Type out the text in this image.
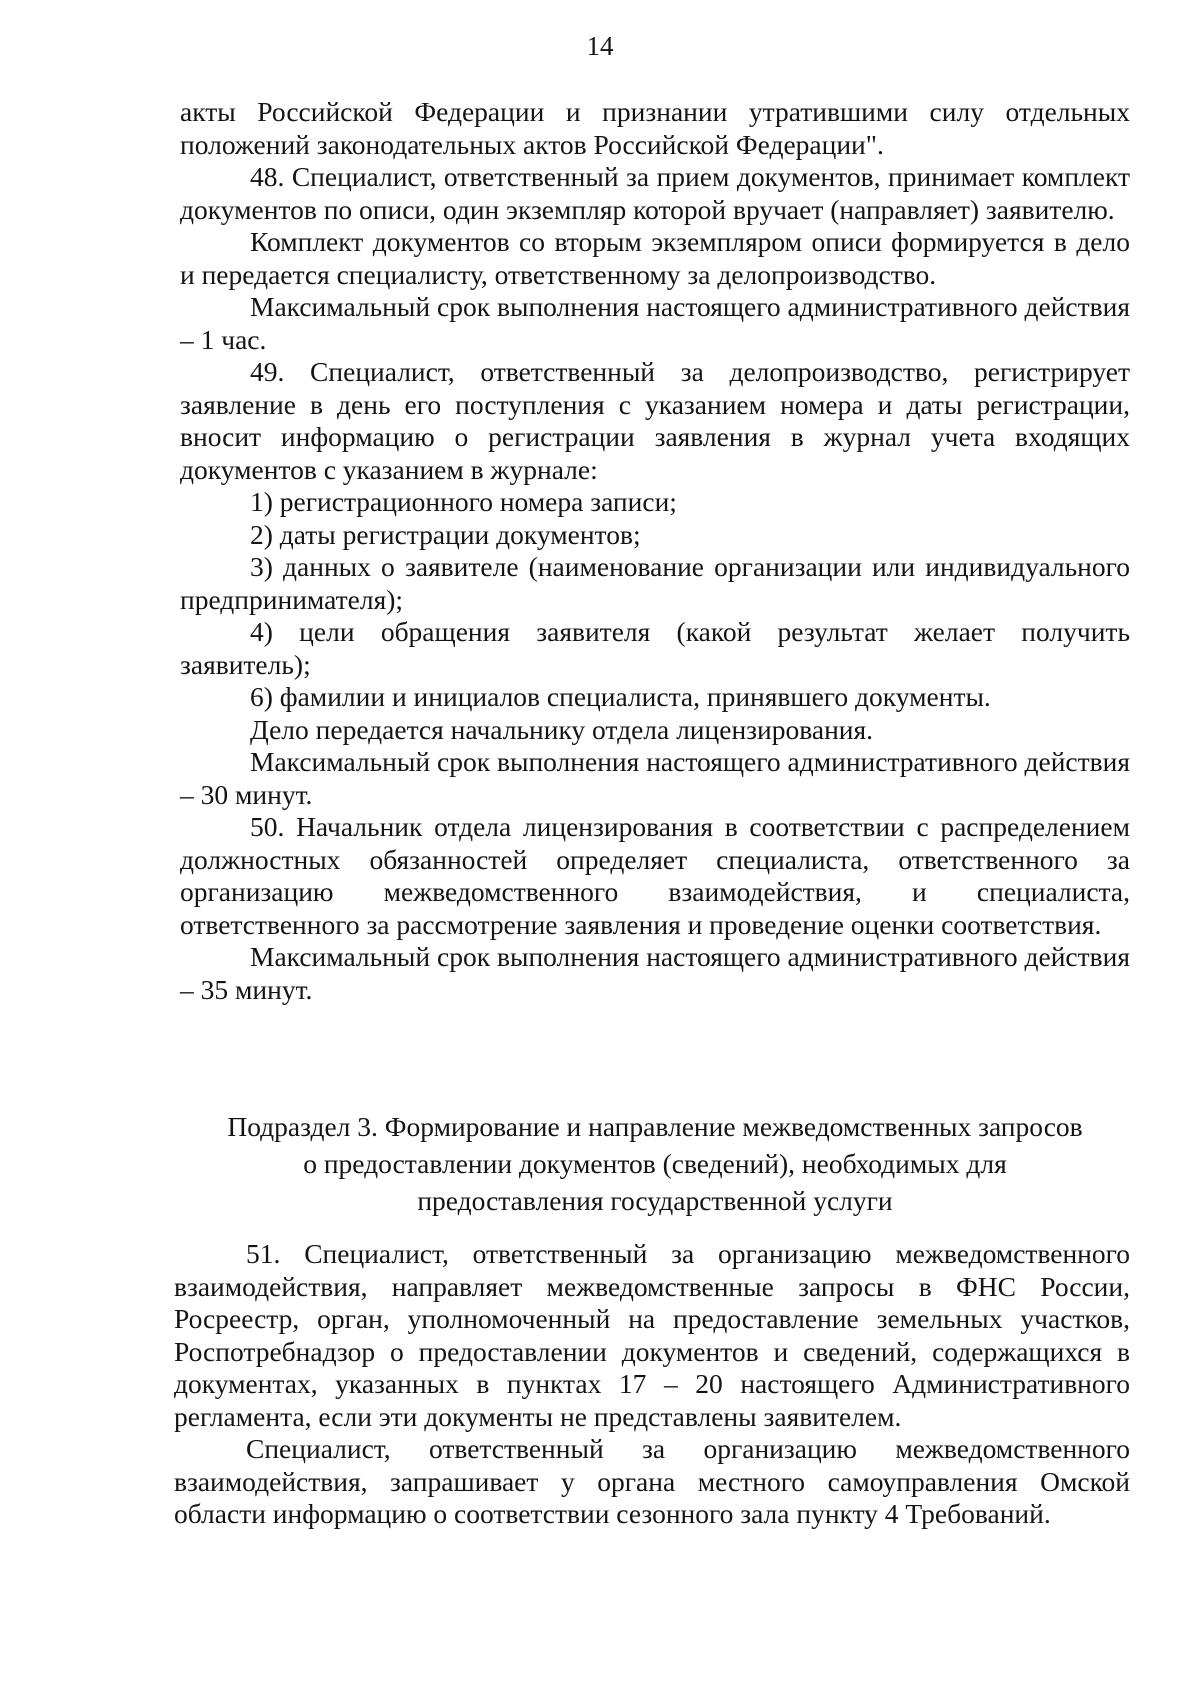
14

акты Российской Федерации и признании утратившими силу отдельных положений законодательных актов Российской Федерации".

48. Специалист, ответственный за прием документов, принимает комплект документов по описи, один экземпляр которой вручает (направляет) заявителю.

Комплект документов со вторым экземпляром описи формируется в дело и передается специалисту, ответственному за делопроизводство.

Максимальный срок выполнения настоящего административного действия – 1 час.

49. Специалист, ответственный за делопроизводство, регистрирует заявление в день его поступления с указанием номера и даты регистрации, вносит информацию о регистрации заявления в журнал учета входящих документов с указанием в журнале:

1) регистрационного номера записи;

2) даты регистрации документов;

3) данных о заявителе (наименование организации или индивидуального предпринимателя);

4) цели обращения заявителя (какой результат желает получить заявитель);

6) фамилии и инициалов специалиста, принявшего документы.

Дело передается начальнику отдела лицензирования.

Максимальный срок выполнения настоящего административного действия – 30 минут.

50. Начальник отдела лицензирования в соответствии с распределением должностных обязанностей определяет специалиста, ответственного за организацию межведомственного взаимодействия, и специалиста, ответственного за рассмотрение заявления и проведение оценки соответствия.

Максимальный срок выполнения настоящего административного действия – 35 минут.

Подраздел 3. Формирование и направление межведомственных запросов
о предоставлении документов (сведений), необходимых для
предоставления государственной услуги

51. Специалист, ответственный за организацию межведомственного взаимодействия, направляет межведомственные запросы в ФНС России, Росреестр, орган, уполномоченный на предоставление земельных участков, Роспотребнадзор о предоставлении документов и сведений, содержащихся в документах, указанных в пунктах 17 – 20 настоящего Административного регламента, если эти документы не представлены заявителем.

Специалист, ответственный за организацию межведомственного взаимодействия, запрашивает у органа местного самоуправления Омской области информацию о соответствии сезонного зала пункту 4 Требований.
